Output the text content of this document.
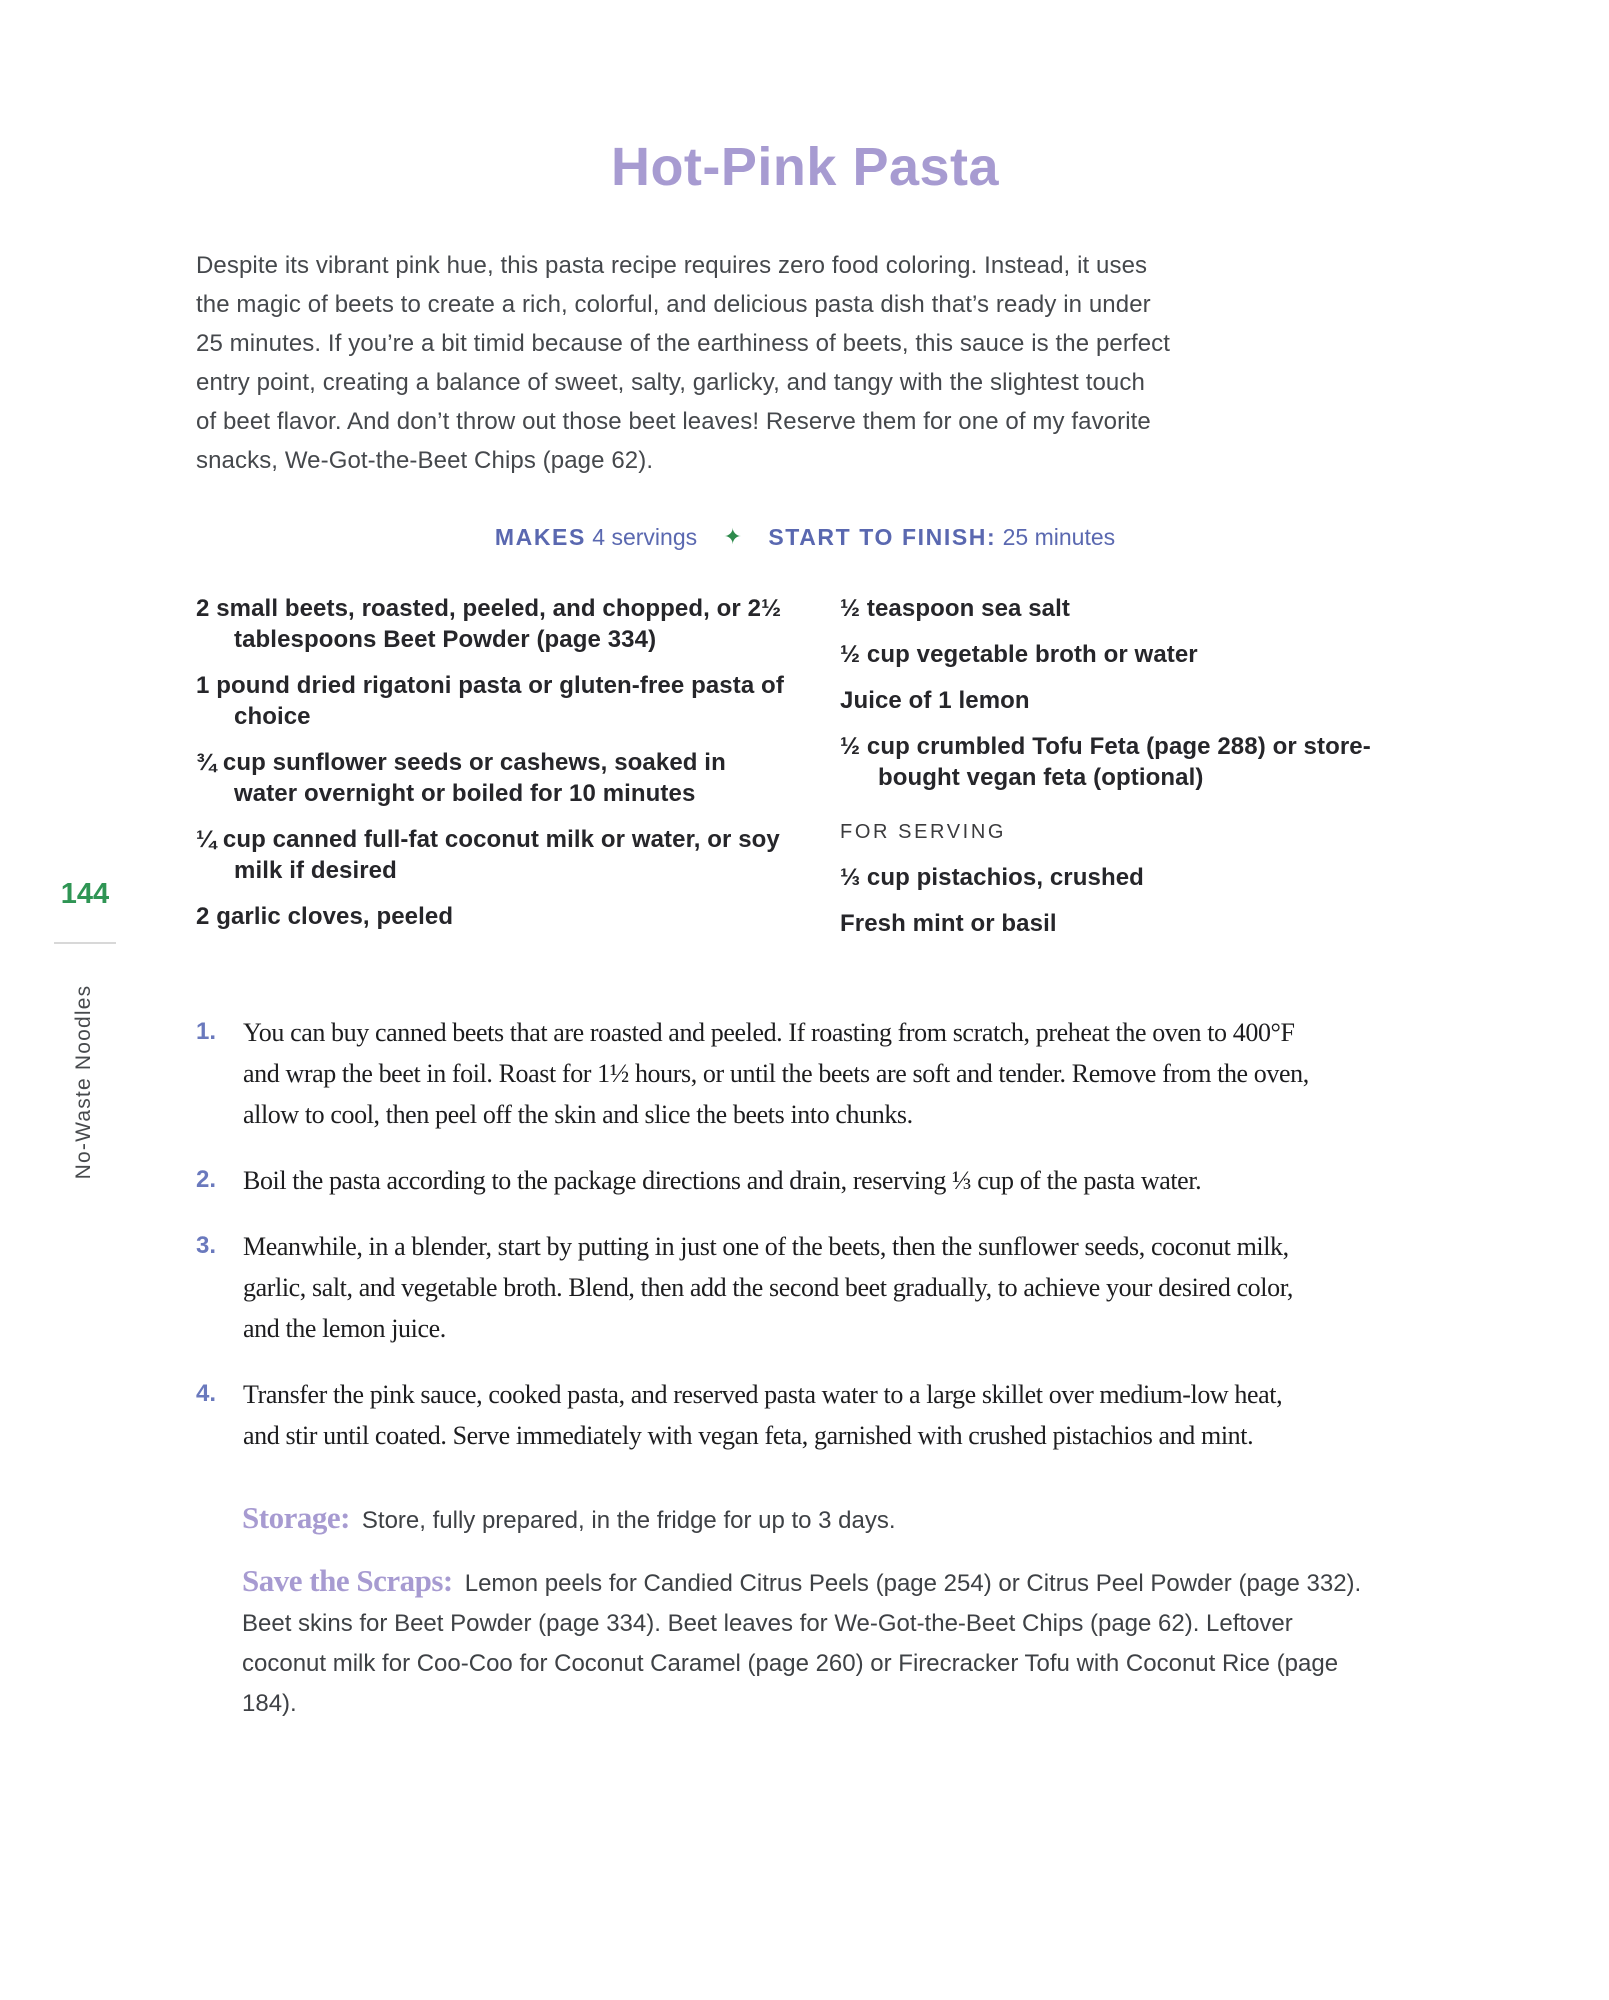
144
No-Waste Noodles
Hot-Pink Pasta

Despite its vibrant pink hue, this pasta recipe requires zero food coloring. Instead, it uses the magic of beets to create a rich, colorful, and delicious pasta dish that’s ready in under 25 minutes. If you’re a bit timid because of the earthiness of beets, this sauce is the perfect entry point, creating a balance of sweet, salty, garlicky, and tangy with the slightest touch of beet flavor. And don’t throw out those beet leaves! Reserve them for one of my favorite snacks, We-Got-the-Beet Chips (page 62).

MAKES 4 servings ✦ START TO FINISH: 25 minutes

2 small beets, roasted, peeled, and chopped, or 2½ tablespoons Beet Powder (page 334)

1 pound dried rigatoni pasta or gluten-free pasta of choice

¾ cup sunflower seeds or cashews, soaked in water overnight or boiled for 10 minutes

¼ cup canned full-fat coconut milk or water, or soy milk if desired

2 garlic cloves, peeled

½ teaspoon sea salt

½ cup vegetable broth or water

Juice of 1 lemon

½ cup crumbled Tofu Feta (page 288) or store-bought vegan feta (optional)

FOR SERVING

⅓ cup pistachios, crushed

Fresh mint or basil

1.	You can buy canned beets that are roasted and peeled. If roasting from scratch, preheat the oven to 400°F and wrap the beet in foil. Roast for 1½ hours, or until the beets are soft and tender. Remove from the oven, allow to cool, then peel off the skin and slice the beets into chunks.
2.	Boil the pasta according to the package directions and drain, reserving ⅓ cup of the pasta water.
3.	Meanwhile, in a blender, start by putting in just one of the beets, then the sunflower seeds, coconut milk, garlic, salt, and vegetable broth. Blend, then add the second beet gradually, to achieve your desired color, and the lemon juice.
4.	Transfer the pink sauce, cooked pasta, and reserved pasta water to a large skillet over medium-low heat, and stir until coated. Serve immediately with vegan feta, garnished with crushed pistachios and mint.

Storage: Store, fully prepared, in the fridge for up to 3 days.

Save the Scraps: Lemon peels for Candied Citrus Peels (page 254) or Citrus Peel Powder (page 332). Beet skins for Beet Powder (page 334). Beet leaves for We-Got-the-Beet Chips (page 62). Leftover coconut milk for Coo-Coo for Coconut Caramel (page 260) or Firecracker Tofu with Coconut Rice (page 184).
